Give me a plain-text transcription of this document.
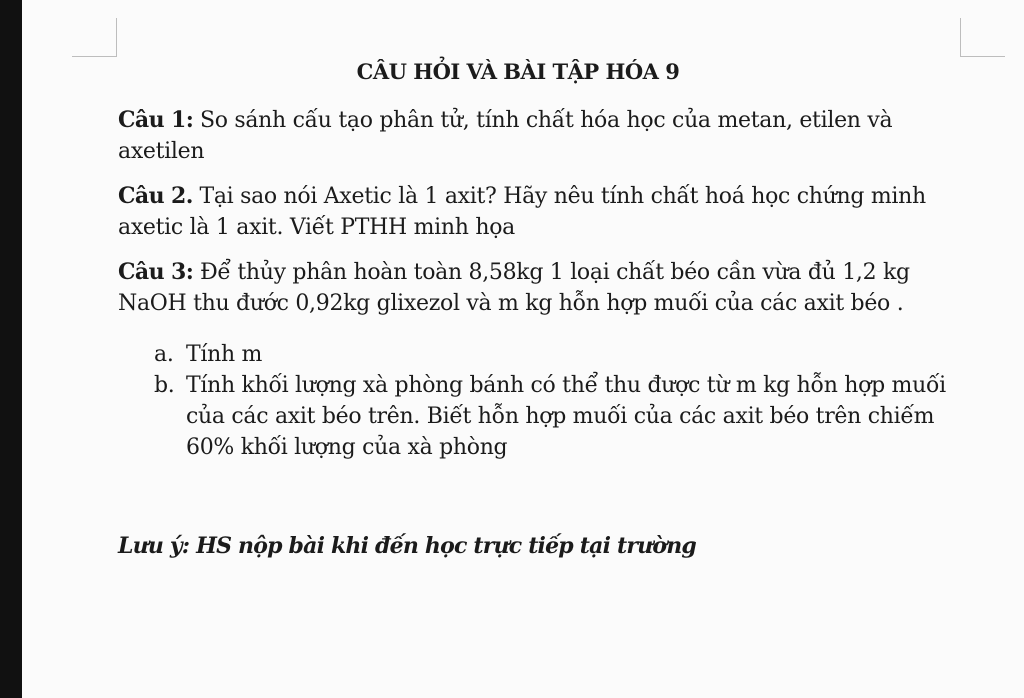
CÂU HỎI VÀ BÀI TẬP HÓA 9
Câu 1: So sánh cấu tạo phân tử, tính chất hóa học của metan, etilen và axetilen
Câu 2. Tại sao nói Axetic là 1 axit? Hãy nêu tính chất hoá học chứng minh axetic là 1 axit. Viết PTHH minh họa
Câu 3: Để thủy phân hoàn toàn 8,58kg 1 loại chất béo cần vừa đủ 1,2 kg NaOH thu đước 0,92kg glixezol và m kg hỗn hợp muối của các axit béo .
a. Tính m
b. Tính khối lượng xà phòng bánh có thể thu được từ m kg hỗn hợp muối của các axit béo trên. Biết hỗn hợp muối của các axit béo trên chiếm 60% khối lượng của xà phòng
Lưu ý: HS nộp bài khi đến học trực tiếp tại trường
